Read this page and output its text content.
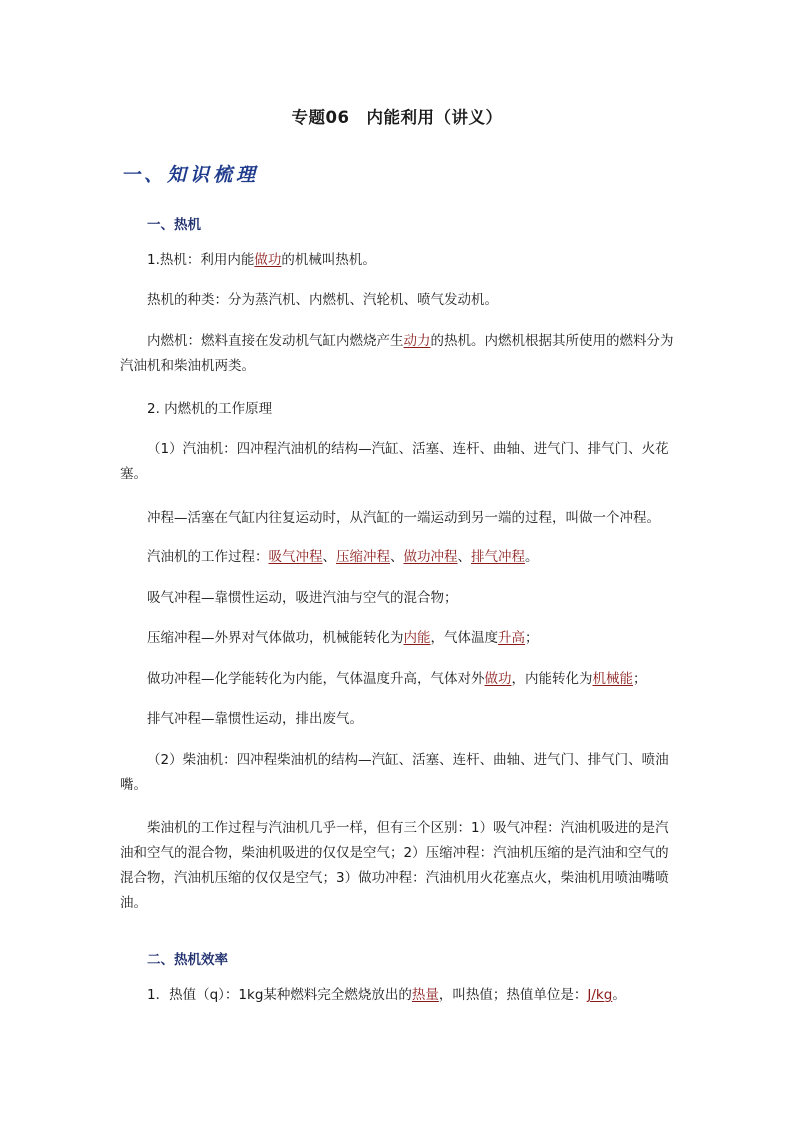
专题06　内能利用（讲义）
一、知识梳理
一、热机
1.热机：利用内能做功的机械叫热机。
热机的种类：分为蒸汽机、内燃机、汽轮机、喷气发动机。
内燃机：燃料直接在发动机气缸内燃烧产生动力的热机。内燃机根据其所使用的燃料分为汽油机和柴油机两类。
2. 内燃机的工作原理
（1）汽油机：四冲程汽油机的结构—汽缸、活塞、连杆、曲轴、进气门、排气门、火花塞。
冲程—活塞在气缸内往复运动时，从汽缸的一端运动到另一端的过程，叫做一个冲程。
汽油机的工作过程：吸气冲程、压缩冲程、做功冲程、排气冲程。
吸气冲程—靠惯性运动，吸进汽油与空气的混合物；
压缩冲程—外界对气体做功，机械能转化为内能，气体温度升高；
做功冲程—化学能转化为内能，气体温度升高，气体对外做功，内能转化为机械能；
排气冲程—靠惯性运动，排出废气。
（2）柴油机：四冲程柴油机的结构—汽缸、活塞、连杆、曲轴、进气门、排气门、喷油嘴。
柴油机的工作过程与汽油机几乎一样，但有三个区别：1）吸气冲程：汽油机吸进的是汽油和空气的混合物，柴油机吸进的仅仅是空气；2）压缩冲程：汽油机压缩的是汽油和空气的混合物，汽油机压缩的仅仅是空气；3）做功冲程：汽油机用火花塞点火，柴油机用喷油嘴喷油。
二、热机效率
1．热值（q）：1kg某种燃料完全燃烧放出的热量，叫热值；热值单位是：J/kg。
